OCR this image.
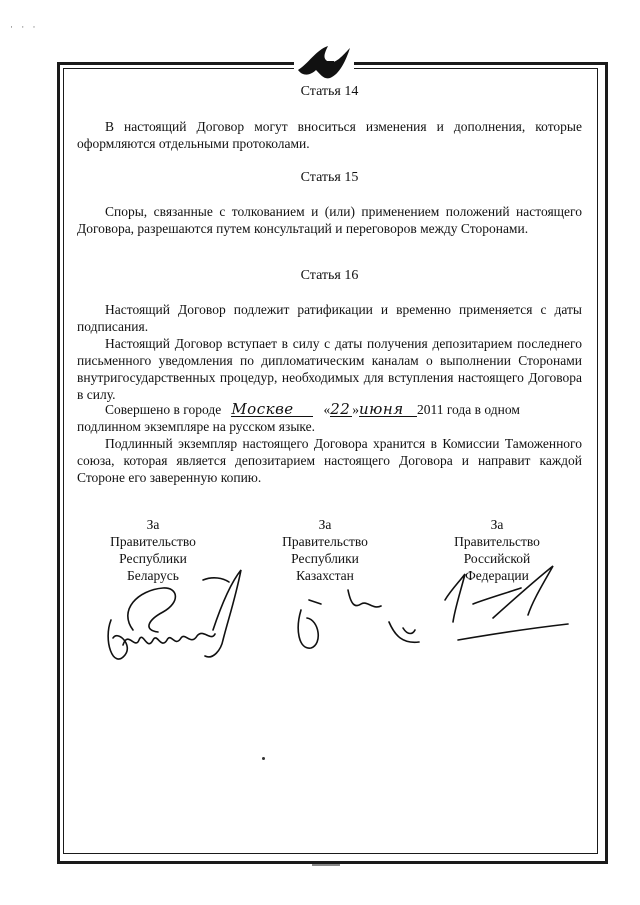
· · ·
Статья 14
В настоящий Договор могут вноситься изменения и дополнения, которые оформляются отдельными протоколами.
Статья 15
Споры, связанные с толкованием и (или) применением положений настоящего Договора, разрешаются путем консультаций и переговоров между Сторонами.
Статья 16
Настоящий Договор подлежит ратификации и временно применяется с даты подписания.
Настоящий Договор вступает в силу с даты получения депозитарием последнего письменного уведомления по дипломатическим каналам о выполнении Сторонами внутригосударственных процедур, необходимых для вступления настоящего Договора в силу.
Совершено в городе Москве   «22 »июня 2011 года в одном
подлинном экземпляре на русском языке.
Подлинный экземпляр настоящего Договора хранится в Комиссии Таможенного союза, которая является депозитарием настоящего Договора и направит каждой Стороне его заверенную копию.
За
Правительство
Республики
Беларусь
За
Правительство
Республики
Казахстан
За
Правительство
Российской
Федерации
